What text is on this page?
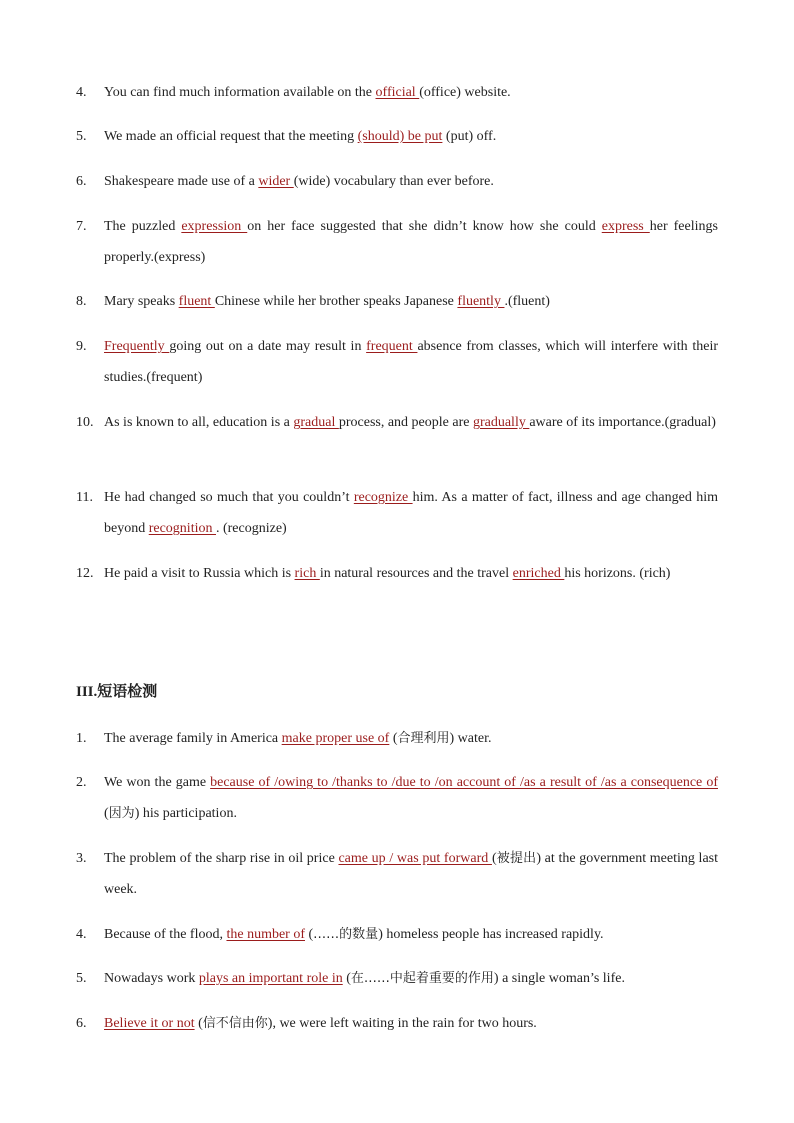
4. You can find much information available on the official (office) website.
5. We made an official request that the meeting (should) be put (put) off.
6. Shakespeare made use of a wider (wide) vocabulary than ever before.
7. The puzzled expression on her face suggested that she didn’t know how she could express her feelings properly.(express)
8. Mary speaks fluent Chinese while her brother speaks Japanese fluently .(fluent)
9. Frequently going out on a date may result in frequent absence from classes, which will interfere with their studies.(frequent)
10. As is known to all, education is a gradual process, and people are gradually aware of its importance.(gradual)
11. He had changed so much that you couldn’t recognize him. As a matter of fact, illness and age changed him beyond recognition . (recognize)
12. He paid a visit to Russia which is rich in natural resources and the travel enriched his horizons. (rich)
III.短语检测
1. The average family in America make proper use of (合理利用) water.
2. We won the game because of /owing to /thanks to /due to /on account of /as a result of /as a consequence of (因为) his participation.
3. The problem of the sharp rise in oil price came up / was put forward (被提出) at the government meeting last week.
4. Because of the flood, the number of (……的数量) homeless people has increased rapidly.
5. Nowadays work plays an important role in (在……中起着重要的作用) a single woman’s life.
6. Believe it or not (信不信由你), we were left waiting in the rain for two hours.
